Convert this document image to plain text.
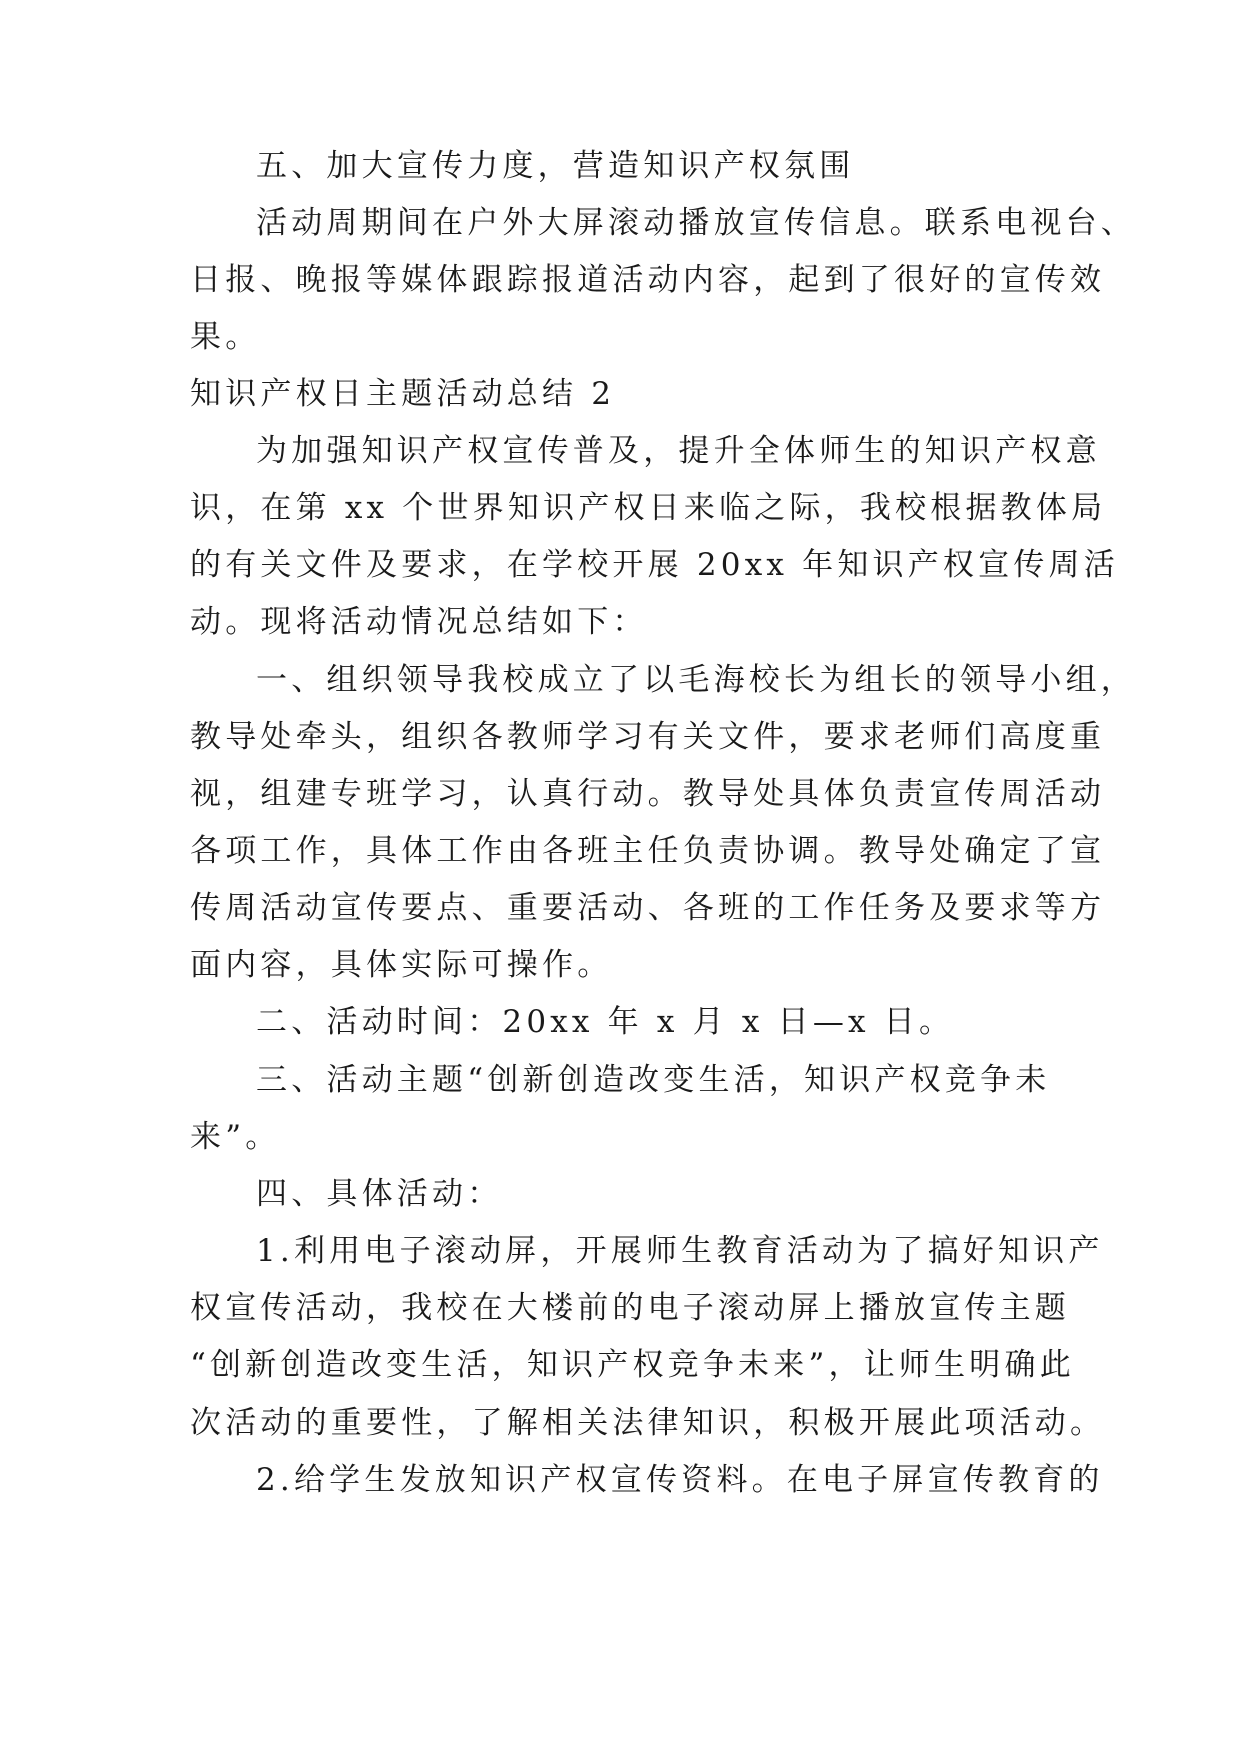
五、加大宣传力度，营造知识产权氛围
活动周期间在户外大屏滚动播放宣传信息。联系电视台、
日报、晚报等媒体跟踪报道活动内容，起到了很好的宣传效
果。
知识产权日主题活动总结 2
为加强知识产权宣传普及，提升全体师生的知识产权意
识，在第 xx 个世界知识产权日来临之际，我校根据教体局
的有关文件及要求，在学校开展 20xx 年知识产权宣传周活
动。现将活动情况总结如下：
一、组织领导我校成立了以毛海校长为组长的领导小组，
教导处牵头，组织各教师学习有关文件，要求老师们高度重
视，组建专班学习，认真行动。教导处具体负责宣传周活动
各项工作，具体工作由各班主任负责协调。教导处确定了宣
传周活动宣传要点、重要活动、各班的工作任务及要求等方
面内容，具体实际可操作。
二、活动时间：20xx 年 x 月 x 日—x 日。
三、活动主题“创新创造改变生活，知识产权竞争未
来”。
四、具体活动：
1.利用电子滚动屏，开展师生教育活动为了搞好知识产
权宣传活动，我校在大楼前的电子滚动屏上播放宣传主题
“创新创造改变生活，知识产权竞争未来”，让师生明确此
次活动的重要性，了解相关法律知识，积极开展此项活动。
2.给学生发放知识产权宣传资料。在电子屏宣传教育的
